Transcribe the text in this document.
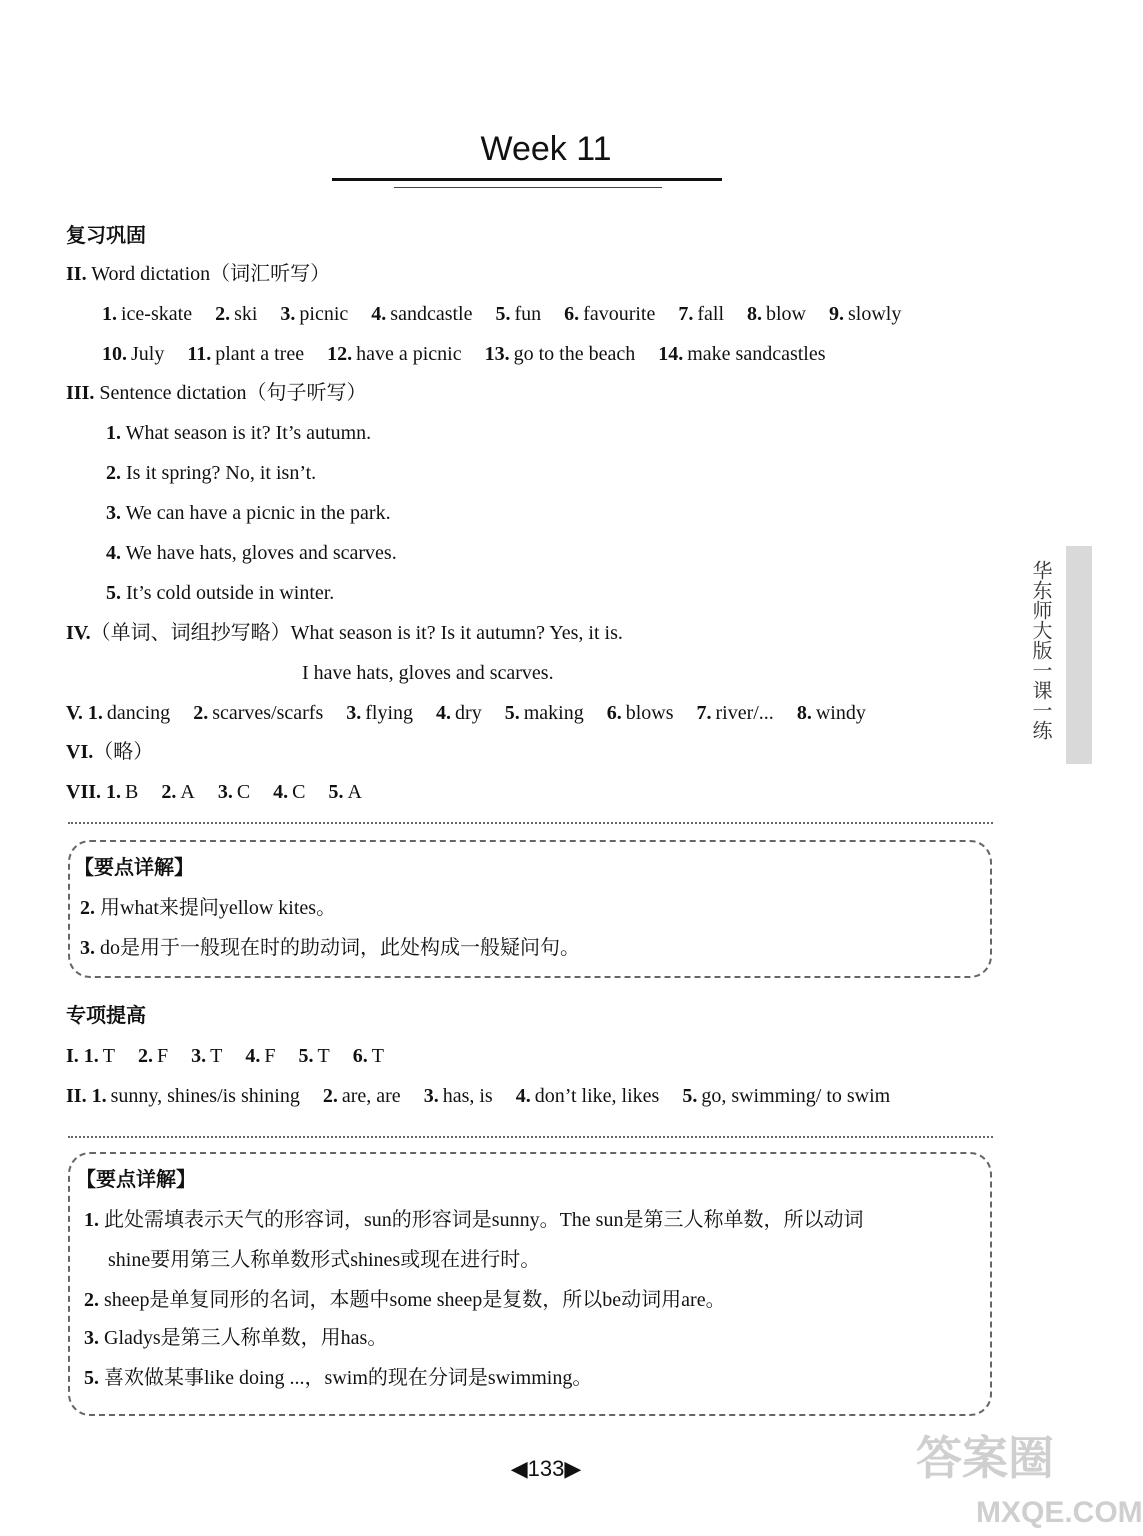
Week 11
复习巩固
II. Word dictation（词汇听写）
1. ice-skate 2. ski 3. picnic 4. sandcastle 5. fun 6. favourite 7. fall 8. blow 9. slowly
10. July 11. plant a tree 12. have a picnic 13. go to the beach 14. make sandcastles
III. Sentence dictation（句子听写）
1. What season is it? It’s autumn.
2. Is it spring? No, it isn’t.
3. We can have a picnic in the park.
4. We have hats, gloves and scarves.
5. It’s cold outside in winter.
IV.（单词、词组抄写略）What season is it? Is it autumn? Yes, it is.
I have hats, gloves and scarves.
V. 1. dancing 2. scarves/scarfs 3. flying 4. dry 5. making 6. blows 7. river/... 8. windy
VI.（略）
VII. 1. B 2. A 3. C 4. C 5. A
【要点详解】
2. 用what来提问yellow kites。
3. do是用于一般现在时的助动词，此处构成一般疑问句。
专项提高
I. 1. T 2. F 3. T 4. F 5. T 6. T
II. 1. sunny, shines/is shining 2. are, are 3. has, is 4. don’t like, likes 5. go, swimming/ to swim
【要点详解】
1. 此处需填表示天气的形容词，sun的形容词是sunny。The sun是第三人称单数，所以动词
shine要用第三人称单数形式shines或现在进行时。
2. sheep是单复同形的名词，本题中some sheep是复数，所以be动词用are。
3. Gladys是第三人称单数，用has。
5. 喜欢做某事like doing ...，swim的现在分词是swimming。
华东师大版一课一练
◀133▶	答案圈
MXQE.COM
